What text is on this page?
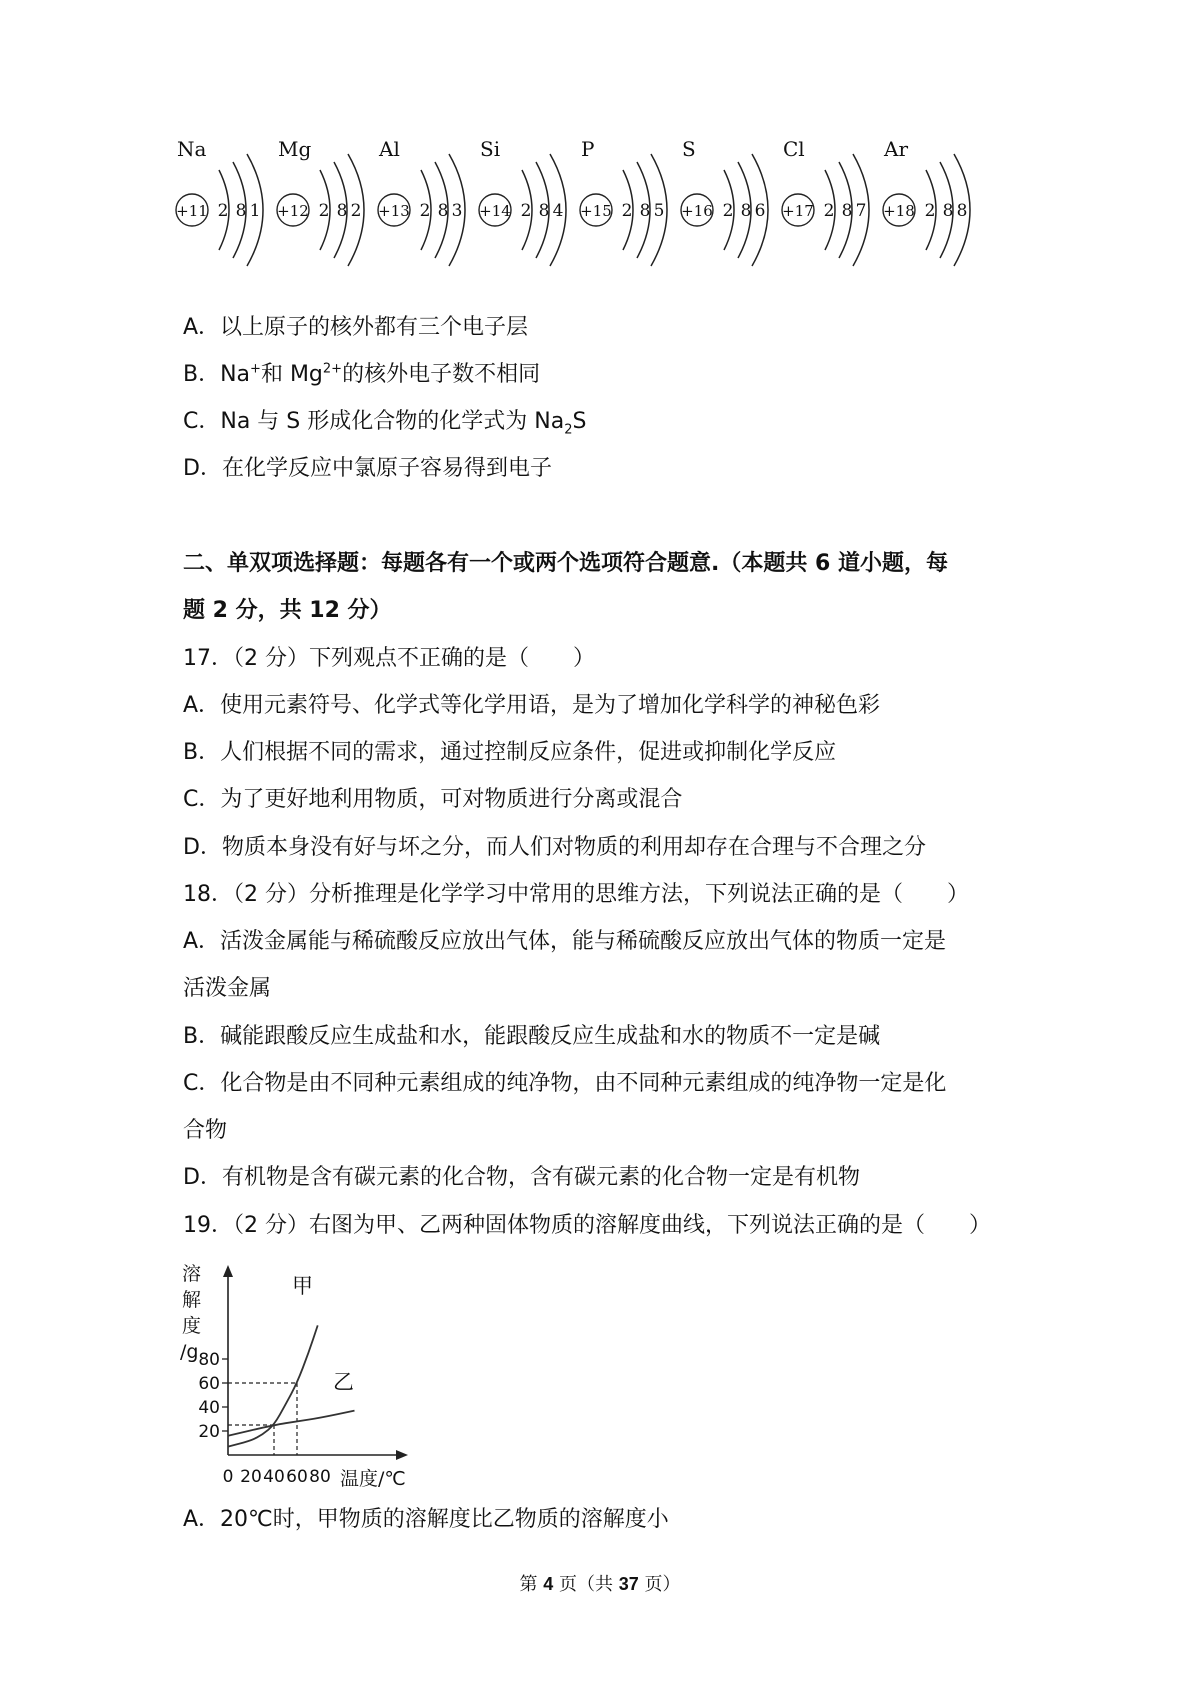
Na
+11 2 8 1
Mg
+12 2 8 2
Al
+13 2 8 3
Si
+14 2 8 4
P
+15 2 8 5
S
+16 2 8 6
Cl
+17 2 8 7
Ar
+18 2 8 8
A．以上原子的核外都有三个电子层
B．Na+和 $Mg^{2+}$的核外电子数不相同
C．Na 与 S 形成化合物的化学式为 $Na_2S$
D．在化学反应中氯原子容易得到电子
二、单双项选择题：每题各有一个或两个选项符合题意.（本题共 6 道小题，每
题 2 分，共 12 分）
17．（2 分）下列观点不正确的是（　　）
A．使用元素符号、化学式等化学用语，是为了增加化学科学的神秘色彩
B．人们根据不同的需求，通过控制反应条件，促进或抑制化学反应
C．为了更好地利用物质，可对物质进行分离或混合
D．物质本身没有好与坏之分，而人们对物质的利用却存在合理与不合理之分
18．（2 分）分析推理是化学学习中常用的思维方法，下列说法正确的是（　　）
A．活泼金属能与稀硫酸反应放出气体，能与稀硫酸反应放出气体的物质一定是
活泼金属
B．碱能跟酸反应生成盐和水，能跟酸反应生成盐和水的物质不一定是碱
C．化合物是由不同种元素组成的纯净物，由不同种元素组成的纯净物一定是化
合物
D．有机物是含有碳元素的化合物，含有碳元素的化合物一定是有机物
19．（2 分）右图为甲、乙两种固体物质的溶解度曲线，下列说法正确的是（　　）
溶
解
度
/g
20
40
60
80
0 20 40 60 80 温度/℃
甲
乙
A．20℃时，甲物质的溶解度比乙物质的溶解度小
第 4 页（共 37 页）
